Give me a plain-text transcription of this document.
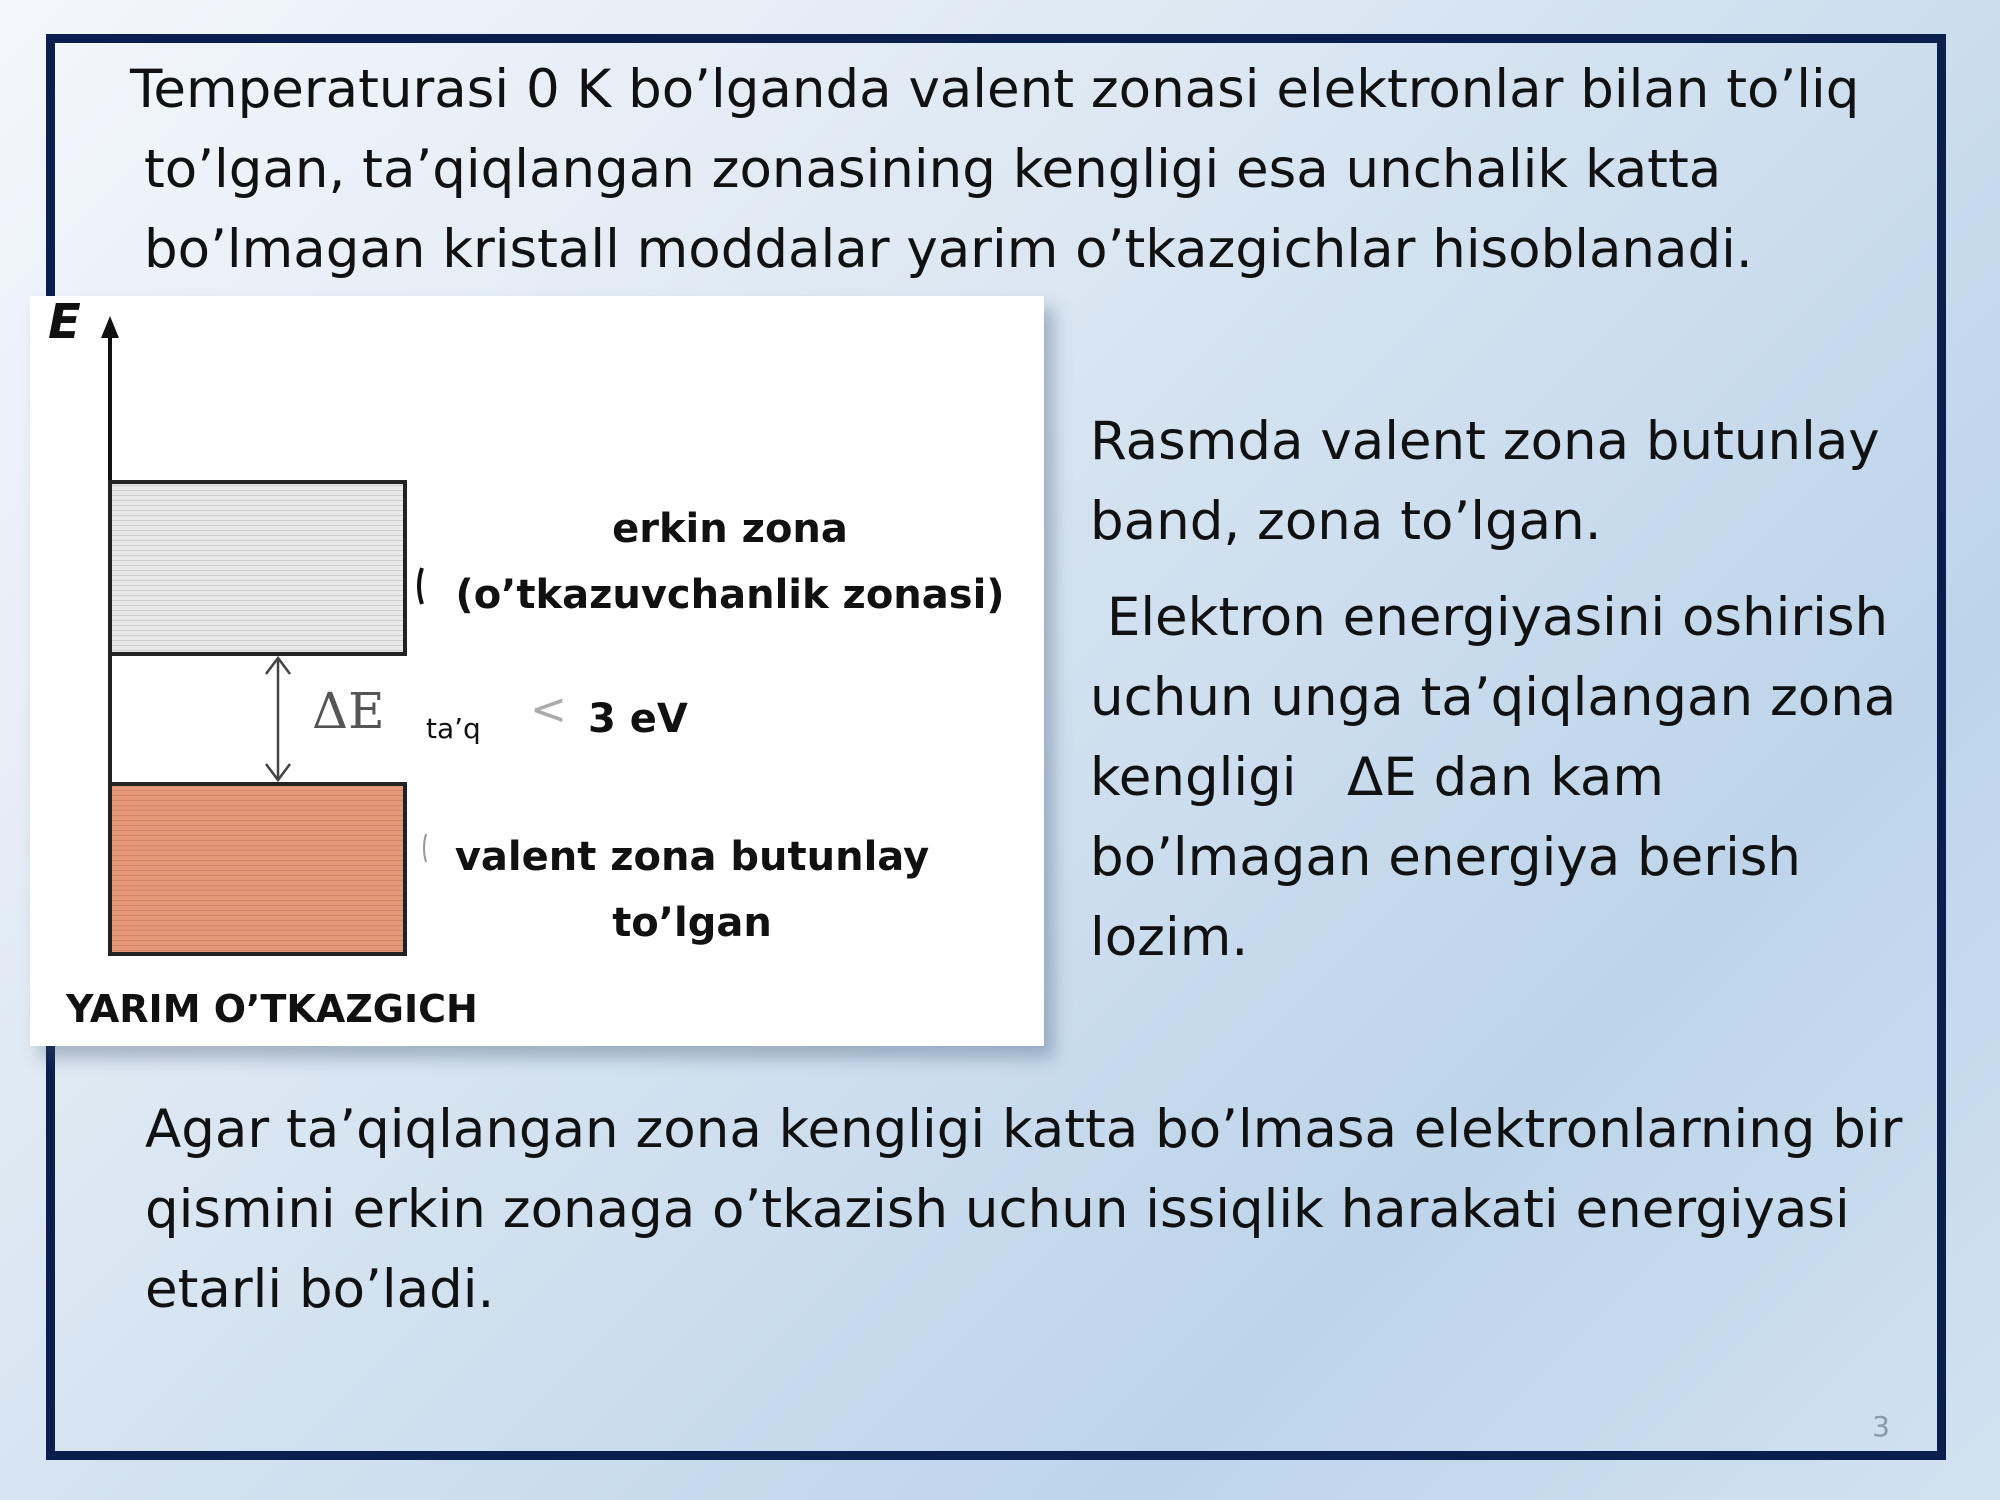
Temperaturasi 0 K bo’lganda valent zonasi elektronlar bilan to’liq
to’lgan, ta’qiqlangan zonasining kengligi esa unchalik katta
bo’lmagan kristall moddalar yarim o’tkazgichlar hisoblanadi.

E
ΔE ta’q < 3 eV
erkin zona
(o’tkazuvchanlik zonasi)
valent zona butunlay
to’lgan
YARIM O’TKAZGICH

Rasmda valent zona butunlay
band, zona to’lgan.
Elektron energiyasini oshirish
uchun unga ta’qiqlangan zona
kengligi   ΔE dan kam
bo’lmagan energiya berish
lozim.

Agar ta’qiqlangan zona kengligi katta bo’lmasa elektronlarning bir
qismini erkin zonaga o’tkazish uchun issiqlik harakati energiyasi
etarli bo’ladi.

3
